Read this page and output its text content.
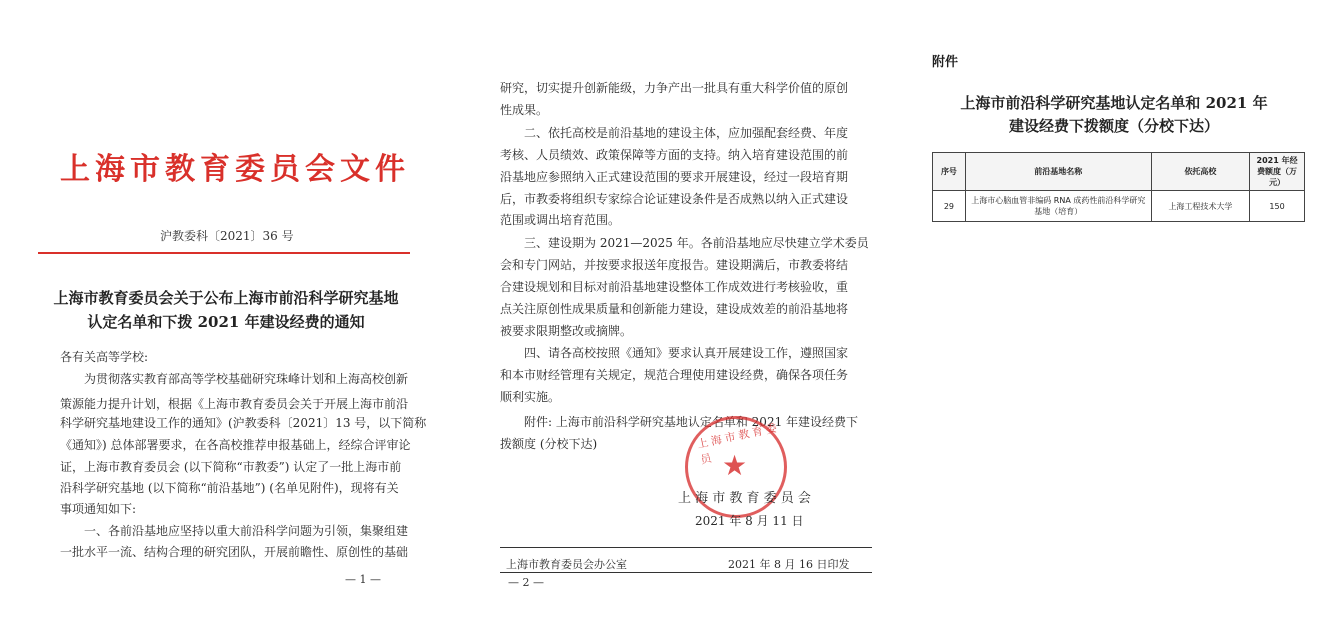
上海市教育委员会文件
沪教委科〔2021〕36 号
上海市教育委员会关于公布上海市前沿科学研究基地
认定名单和下拨 2021 年建设经费的通知
各有关高等学校:
为贯彻落实教育部高等学校基础研究珠峰计划和上海高校创新
策源能力提升计划，根据《上海市教育委员会关于开展上海市前沿
科学研究基地建设工作的通知》(沪教委科〔2021〕13 号，以下简称
《通知》) 总体部署要求，在各高校推荐申报基础上，经综合评审论
证，上海市教育委员会 (以下简称“市教委”) 认定了一批上海市前
沿科学研究基地 (以下简称“前沿基地”) (名单见附件)，现将有关
事项通知如下:
一、各前沿基地应坚持以重大前沿科学问题为引领，集聚组建
一批水平一流、结构合理的研究团队，开展前瞻性、原创性的基础
— 1 —
研究，切实提升创新能级，力争产出一批具有重大科学价值的原创
性成果。
二、依托高校是前沿基地的建设主体，应加强配套经费、年度
考核、人员绩效、政策保障等方面的支持。纳入培育建设范围的前
沿基地应参照纳入正式建设范围的要求开展建设，经过一段培育期
后，市教委将组织专家综合论证建设条件是否成熟以纳入正式建设
范围或调出培育范围。
三、建设期为 2021—2025 年。各前沿基地应尽快建立学术委员
会和专门网站，并按要求报送年度报告。建设期满后，市教委将结
合建设规划和目标对前沿基地建设整体工作成效进行考核验收，重
点关注原创性成果质量和创新能力建设，建设成效差的前沿基地将
被要求限期整改或摘牌。
四、请各高校按照《通知》要求认真开展建设工作，遵照国家
和本市财经管理有关规定，规范合理使用建设经费，确保各项任务
顺利实施。
附件: 上海市前沿科学研究基地认定名单和 2021 年建设经费下
拨额度 (分校下达)	上海市教育委员 ★
上 海 市 教 育 委 员 会
2021 年 8 月 11 日
上海市教育委员会办公室	2021 年 8 月 16 日印发
— 2 —
附件
上海市前沿科学研究基地认定名单和 2021 年
建设经费下拨额度（分校下达）
序号	前沿基地名称	依托高校	2021 年经费额度（万元）
29	上海市心脑血管非编码 RNA 成药性前沿科学研究基地（培育）	上海工程技术大学	150
